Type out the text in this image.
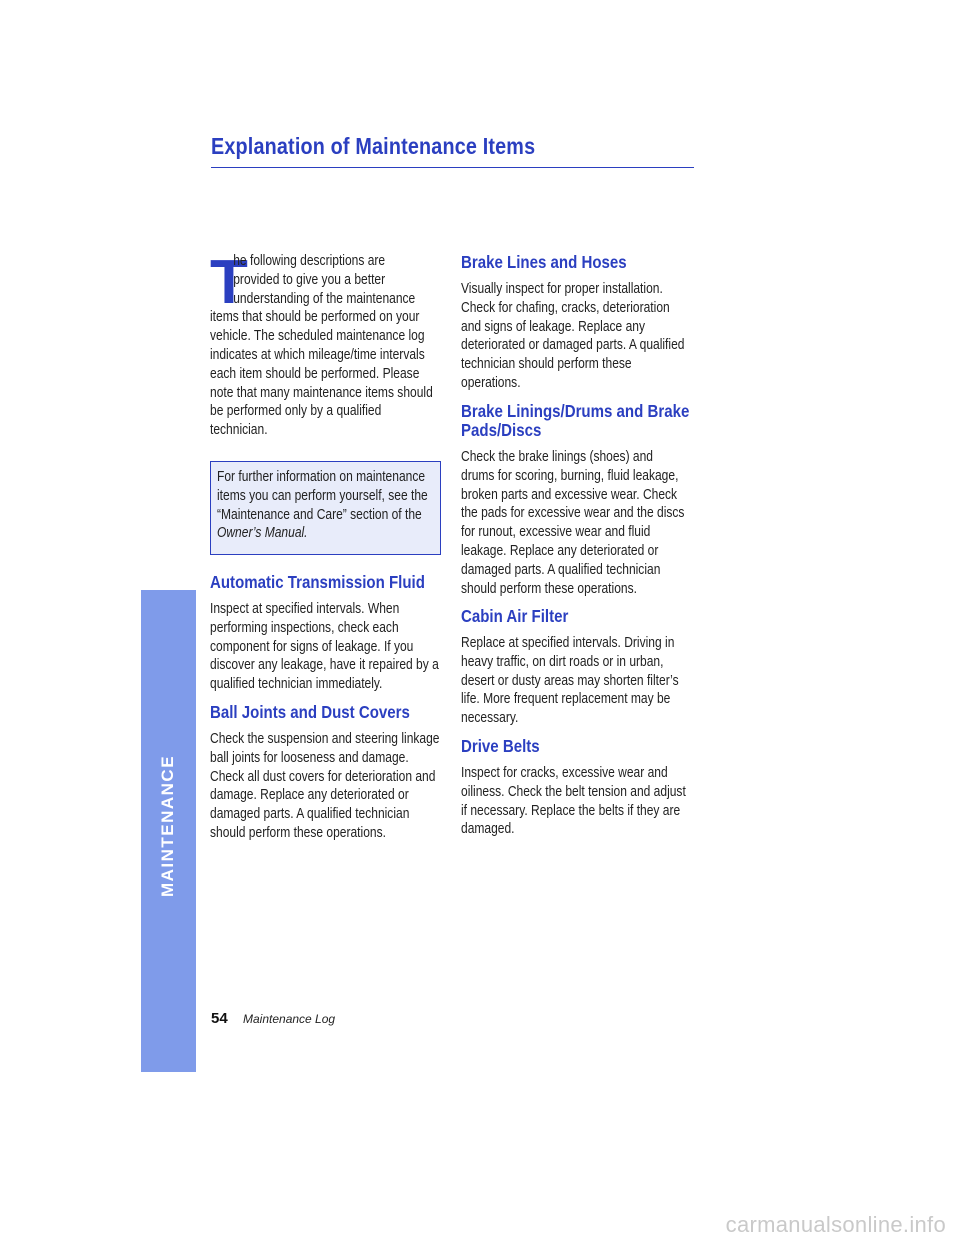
Explanation of Maintenance Items
MAINTENANCE
T
he following descriptions are
provided to give you a better
understanding of the maintenance
items that should be performed on your
vehicle. The scheduled maintenance log
indicates at which mileage/time intervals
each item should be performed. Please
note that many maintenance items should
be performed only by a qualified
technician.
For further information on maintenance
items you can perform yourself, see the
“Maintenance and Care” section of the
Owner’s Manual.
Automatic Transmission Fluid
Inspect at specified intervals. When
performing inspections, check each
component for signs of leakage. If you
discover any leakage, have it repaired by a
qualified technician immediately.
Ball Joints and Dust Covers
Check the suspension and steering linkage
ball joints for looseness and damage.
Check all dust covers for deterioration and
damage. Replace any deteriorated or
damaged parts. A qualified technician
should perform these operations.
Brake Lines and Hoses
Visually inspect for proper installation.
Check for chafing, cracks, deterioration
and signs of leakage. Replace any
deteriorated or damaged parts. A qualified
technician should perform these
operations.
Brake Linings/Drums and Brake
Pads/Discs
Check the brake linings (shoes) and
drums for scoring, burning, fluid leakage,
broken parts and excessive wear. Check
the pads for excessive wear and the discs
for runout, excessive wear and fluid
leakage. Replace any deteriorated or
damaged parts. A qualified technician
should perform these operations.
Cabin Air Filter
Replace at specified intervals. Driving in
heavy traffic, on dirt roads or in urban,
desert or dusty areas may shorten filter’s
life. More frequent replacement may be
necessary.
Drive Belts
Inspect for cracks, excessive wear and
oiliness. Check the belt tension and adjust
if necessary. Replace the belts if they are
damaged.
54 Maintenance Log
carmanualsonline.info
